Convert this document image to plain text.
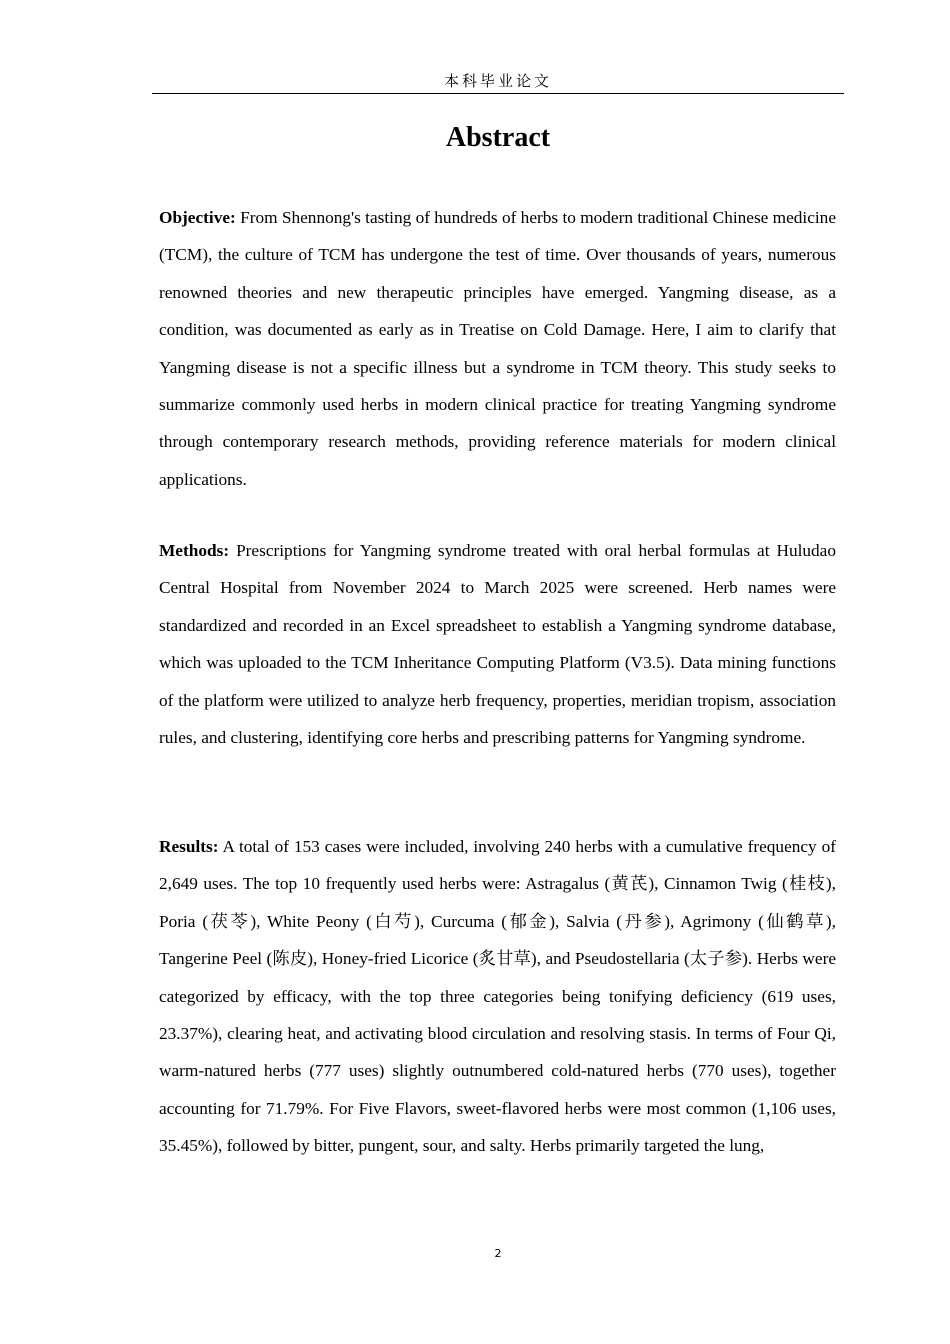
本科毕业论文
Abstract

Objective: From Shennong's tasting of hundreds of herbs to modern traditional Chinese medicine (TCM), the culture of TCM has undergone the test of time. Over thousands of years, numerous renowned theories and new therapeutic principles have emerged. Yangming disease, as a condition, was documented as early as in Treatise on Cold Damage. Here, I aim to clarify that Yangming disease is not a specific illness but a syndrome in TCM theory. This study seeks to summarize commonly used herbs in modern clinical practice for treating Yangming syndrome through contemporary research methods, providing reference materials for modern clinical applications.

Methods: Prescriptions for Yangming syndrome treated with oral herbal formulas at Huludao Central Hospital from November 2024 to March 2025 were screened. Herb names were standardized and recorded in an Excel spreadsheet to establish a Yangming syndrome database, which was uploaded to the TCM Inheritance Computing Platform (V3.5). Data mining functions of the platform were utilized to analyze herb frequency, properties, meridian tropism, association rules, and clustering, identifying core herbs and prescribing patterns for Yangming syndrome.

Results: A total of 153 cases were included, involving 240 herbs with a cumulative frequency of 2,649 uses. The top 10 frequently used herbs were: Astragalus (黄芪), Cinnamon Twig (桂枝), Poria (茯苓), White Peony (白芍), Curcuma (郁金), Salvia (丹参), Agrimony (仙鹤草), Tangerine Peel (陈皮), Honey-fried Licorice (炙甘草), and Pseudostellaria (太子参). Herbs were categorized by efficacy, with the top three categories being tonifying deficiency (619 uses, 23.37%), clearing heat, and activating blood circulation and resolving stasis. In terms of Four Qi, warm-natured herbs (777 uses) slightly outnumbered cold-natured herbs (770 uses), together accounting for 71.79%. For Five Flavors, sweet-flavored herbs were most common (1,106 uses, 35.45%), followed by bitter, pungent, sour, and salty. Herbs primarily targeted the lung,

2
